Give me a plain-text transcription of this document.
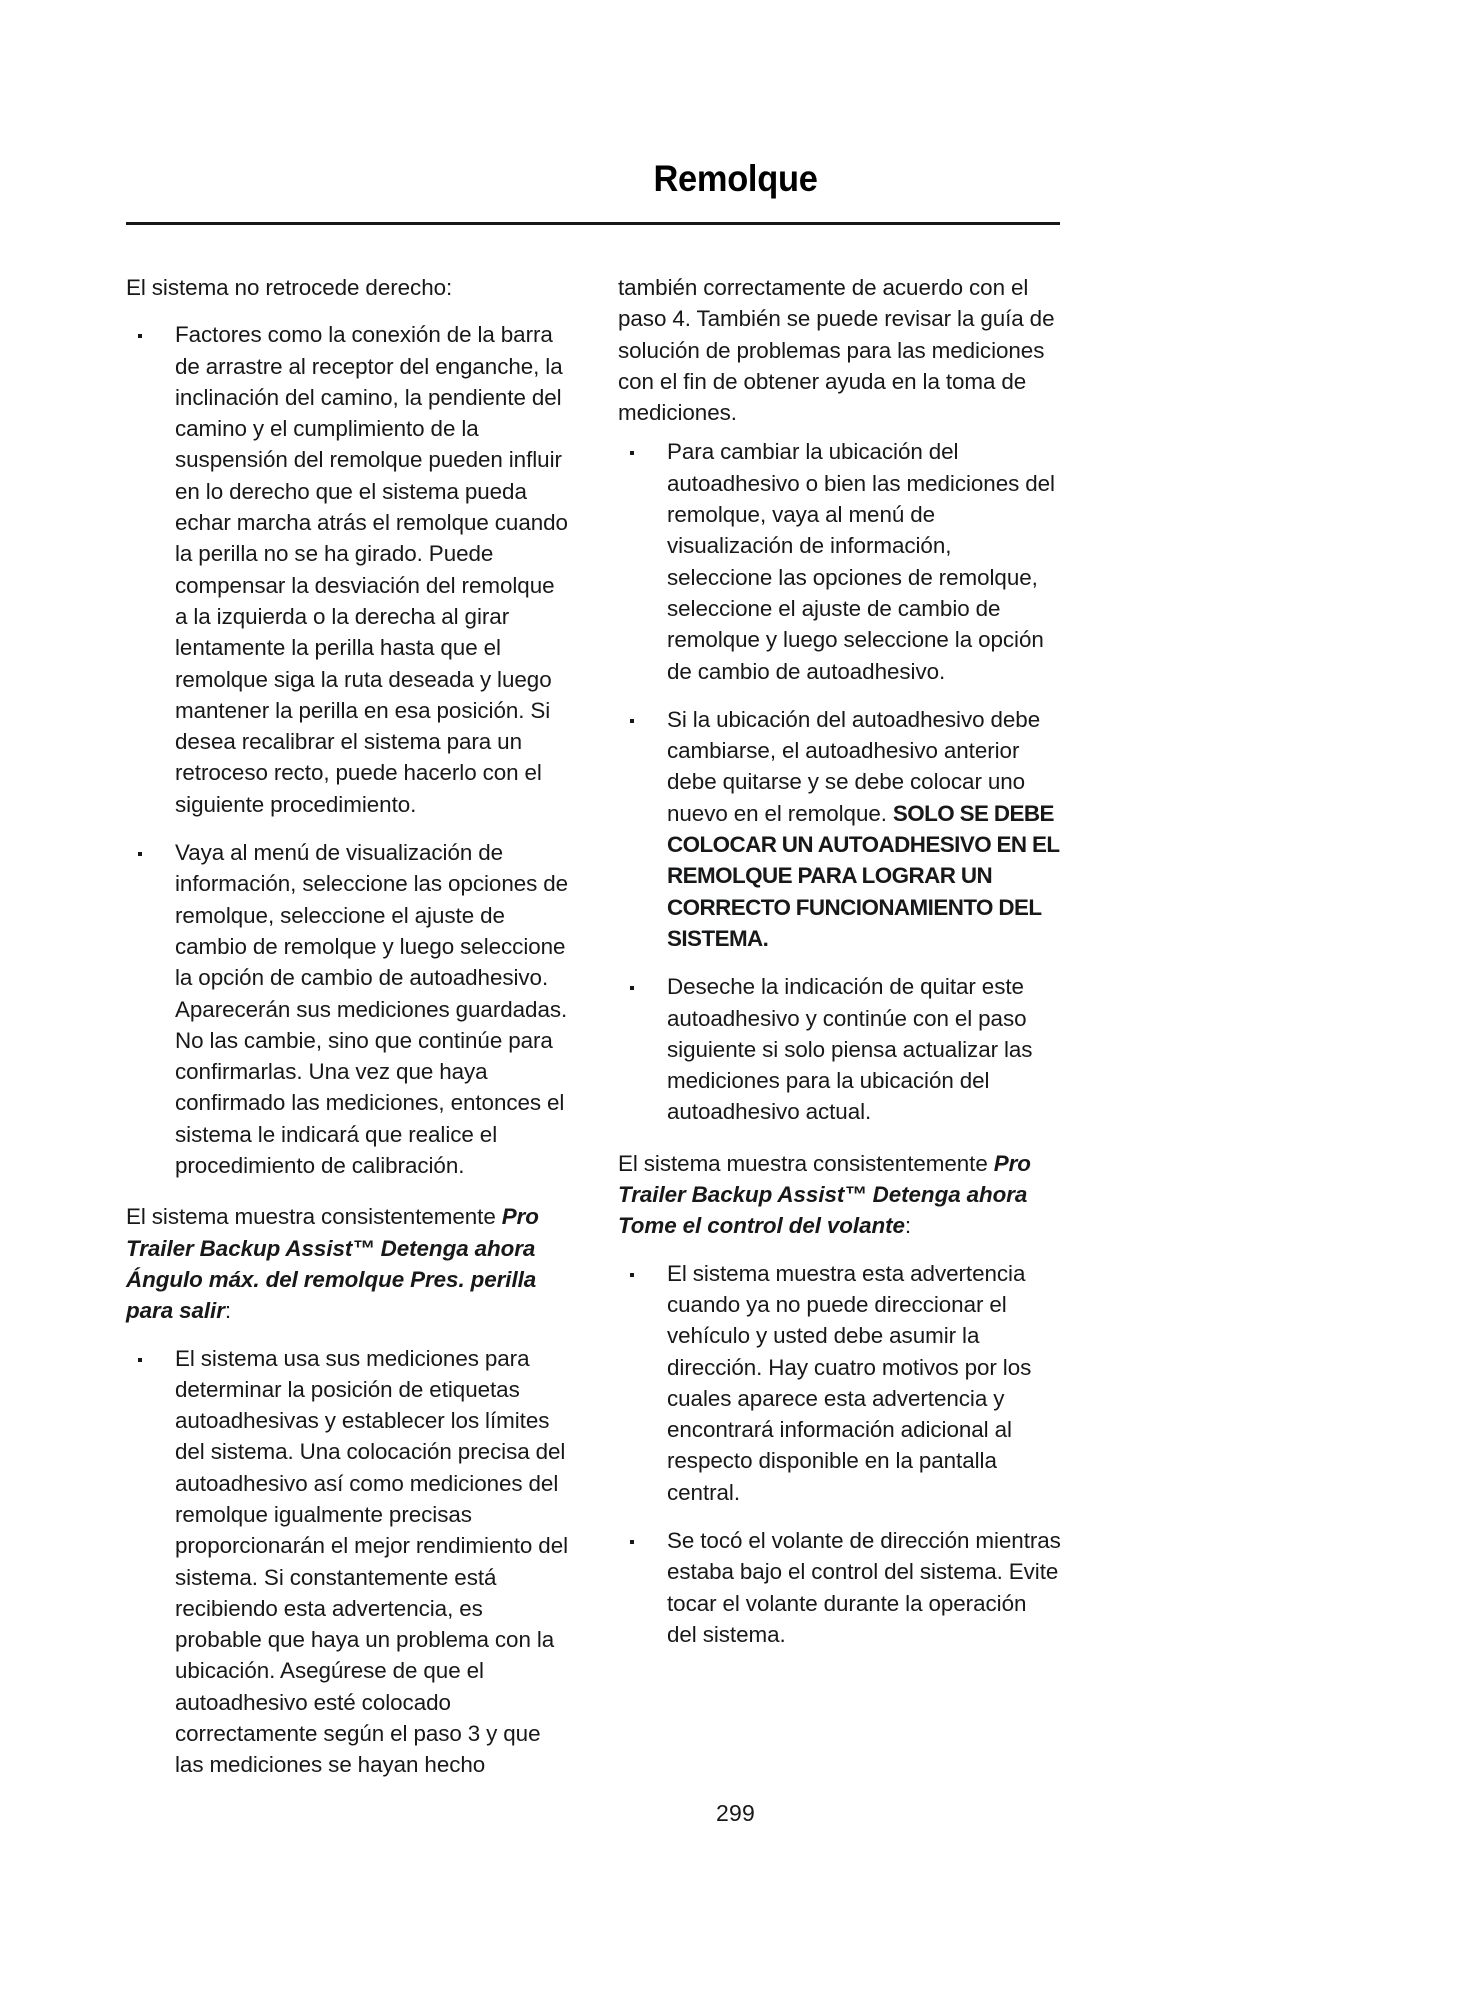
Remolque

El sistema no retrocede derecho:

Factores como la conexión de la barra de arrastre al receptor del enganche, la inclinación del camino, la pendiente del camino y el cumplimiento de la suspensión del remolque pueden influir en lo derecho que el sistema pueda echar marcha atrás el remolque cuando la perilla no se ha girado. Puede compensar la desviación del remolque a la izquierda o la derecha al girar lentamente la perilla hasta que el remolque siga la ruta deseada y luego mantener la perilla en esa posición. Si desea recalibrar el sistema para un retroceso recto, puede hacerlo con el siguiente procedimiento.
Vaya al menú de visualización de información, seleccione las opciones de remolque, seleccione el ajuste de cambio de remolque y luego seleccione la opción de cambio de autoadhesivo. Aparecerán sus mediciones guardadas. No las cambie, sino que continúe para confirmarlas. Una vez que haya confirmado las mediciones, entonces el sistema le indicará que realice el procedimiento de calibración.

El sistema muestra consistentemente Pro Trailer Backup Assist™ Detenga ahora Ángulo máx. del remolque Pres. perilla para salir:

El sistema usa sus mediciones para determinar la posición de etiquetas autoadhesivas y establecer los límites del sistema. Una colocación precisa del autoadhesivo así como mediciones del remolque igualmente precisas proporcionarán el mejor rendimiento del sistema. Si constantemente está recibiendo esta advertencia, es probable que haya un problema con la ubicación. Asegúrese de que el autoadhesivo esté colocado correctamente según el paso 3 y que las mediciones se hayan hecho

también correctamente de acuerdo con el paso 4. También se puede revisar la guía de solución de problemas para las mediciones con el fin de obtener ayuda en la toma de mediciones.

Para cambiar la ubicación del autoadhesivo o bien las mediciones del remolque, vaya al menú de visualización de información, seleccione las opciones de remolque, seleccione el ajuste de cambio de remolque y luego seleccione la opción de cambio de autoadhesivo.
Si la ubicación del autoadhesivo debe cambiarse, el autoadhesivo anterior debe quitarse y se debe colocar uno nuevo en el remolque. SOLO SE DEBE COLOCAR UN AUTOADHESIVO EN EL REMOLQUE PARA LOGRAR UN CORRECTO FUNCIONAMIENTO DEL SISTEMA.
Deseche la indicación de quitar este autoadhesivo y continúe con el paso siguiente si solo piensa actualizar las mediciones para la ubicación del autoadhesivo actual.

El sistema muestra consistentemente Pro Trailer Backup Assist™ Detenga ahora Tome el control del volante:

El sistema muestra esta advertencia cuando ya no puede direccionar el vehículo y usted debe asumir la dirección. Hay cuatro motivos por los cuales aparece esta advertencia y encontrará información adicional al respecto disponible en la pantalla central.
Se tocó el volante de dirección mientras estaba bajo el control del sistema. Evite tocar el volante durante la operación del sistema.
299
